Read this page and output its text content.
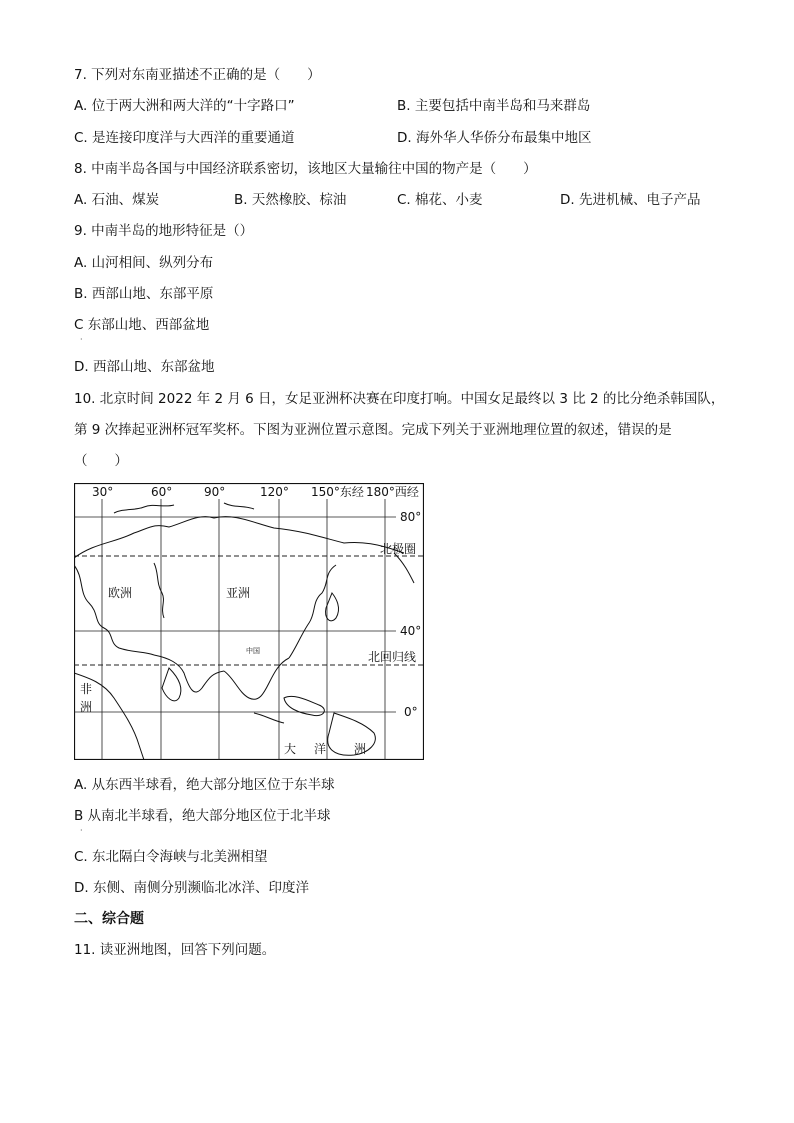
7. 下列对东南亚描述不正确的是（　　）
A. 位于两大洲和两大洋的“十字路口”	B. 主要包括中南半岛和马来群岛
C. 是连接印度洋与大西洋的重要通道	D. 海外华人华侨分布最集中地区
8. 中南半岛各国与中国经济联系密切，该地区大量输往中国的物产是（　　）
A. 石油、煤炭	B. 天然橡胶、棕油	C. 棉花、小麦	D. 先进机械、电子产品
9. 中南半岛的地形特征是（）
A. 山河相间、纵列分布
B. 西部山地、东部平原
C 东部山地、西部盆地
·
D. 西部山地、东部盆地
10. 北京时间 2022 年 2 月 6 日，女足亚洲杯决赛在印度打响。中国女足最终以 3 比 2 的比分绝杀韩国队，
第 9 次捧起亚洲杯冠军奖杯。下图为亚洲位置示意图。完成下列关于亚洲地理位置的叙述，错误的是
（　　）
30°	60°	90°	120° 150°东经 180°西经
80°
40°
0°
北极圈
北回归线
欧洲	亚洲
非
洲
中国
大 洋 洲
A. 从东西半球看，绝大部分地区位于东半球
B 从南北半球看，绝大部分地区位于北半球
·
C. 东北隔白令海峡与北美洲相望
D. 东侧、南侧分别濒临北冰洋、印度洋
二、综合题
11. 读亚洲地图，回答下列问题。
